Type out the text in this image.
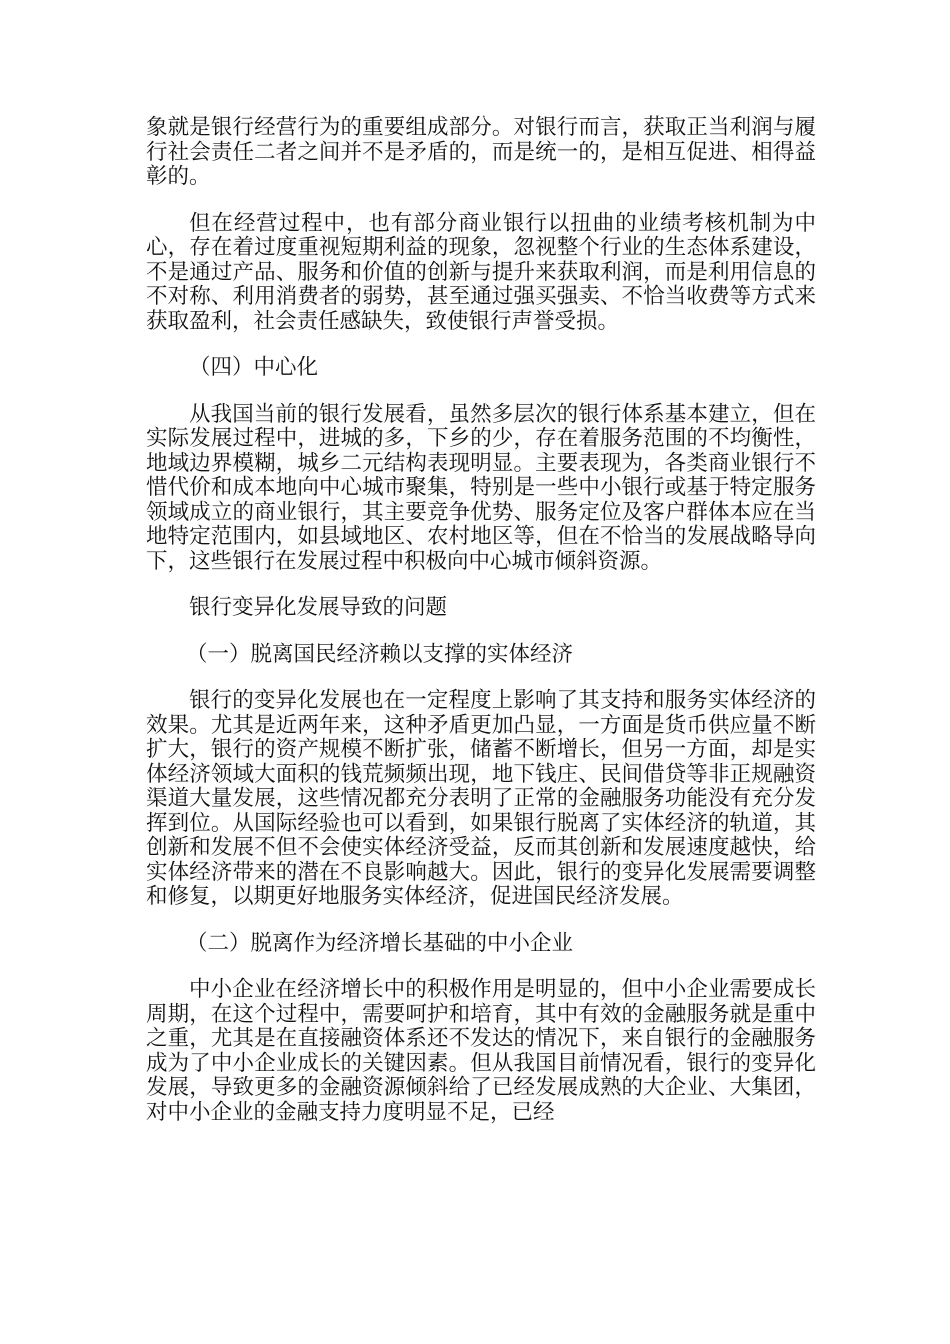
象就是银行经营行为的重要组成部分。对银行而言，获取正当利润与履行社会责任二者之间并不是矛盾的，而是统一的，是相互促进、相得益彰的。

但在经营过程中，也有部分商业银行以扭曲的业绩考核机制为中心，存在着过度重视短期利益的现象，忽视整个行业的生态体系建设，不是通过产品、服务和价值的创新与提升来获取利润，而是利用信息的不对称、利用消费者的弱势，甚至通过强买强卖、不恰当收费等方式来获取盈利，社会责任感缺失，致使银行声誉受损。

（四）中心化

从我国当前的银行发展看，虽然多层次的银行体系基本建立，但在实际发展过程中，进城的多，下乡的少，存在着服务范围的不均衡性，地域边界模糊，城乡二元结构表现明显。主要表现为，各类商业银行不惜代价和成本地向中心城市聚集，特别是一些中小银行或基于特定服务领域成立的商业银行，其主要竞争优势、服务定位及客户群体本应在当地特定范围内，如县域地区、农村地区等，但在不恰当的发展战略导向下，这些银行在发展过程中积极向中心城市倾斜资源。

银行变异化发展导致的问题

（一）脱离国民经济赖以支撑的实体经济

银行的变异化发展也在一定程度上影响了其支持和服务实体经济的效果。尤其是近两年来，这种矛盾更加凸显，一方面是货币供应量不断扩大，银行的资产规模不断扩张，储蓄不断增长，但另一方面，却是实体经济领域大面积的钱荒频频出现，地下钱庄、民间借贷等非正规融资渠道大量发展，这些情况都充分表明了正常的金融服务功能没有充分发挥到位。从国际经验也可以看到，如果银行脱离了实体经济的轨道，其创新和发展不但不会使实体经济受益，反而其创新和发展速度越快，给实体经济带来的潜在不良影响越大。因此，银行的变异化发展需要调整和修复，以期更好地服务实体经济，促进国民经济发展。

（二）脱离作为经济增长基础的中小企业

中小企业在经济增长中的积极作用是明显的，但中小企业需要成长周期，在这个过程中，需要呵护和培育，其中有效的金融服务就是重中之重，尤其是在直接融资体系还不发达的情况下，来自银行的金融服务成为了中小企业成长的关键因素。但从我国目前情况看，银行的变异化发展，导致更多的金融资源倾斜给了已经发展成熟的大企业、大集团，对中小企业的金融支持力度明显不足，已经
